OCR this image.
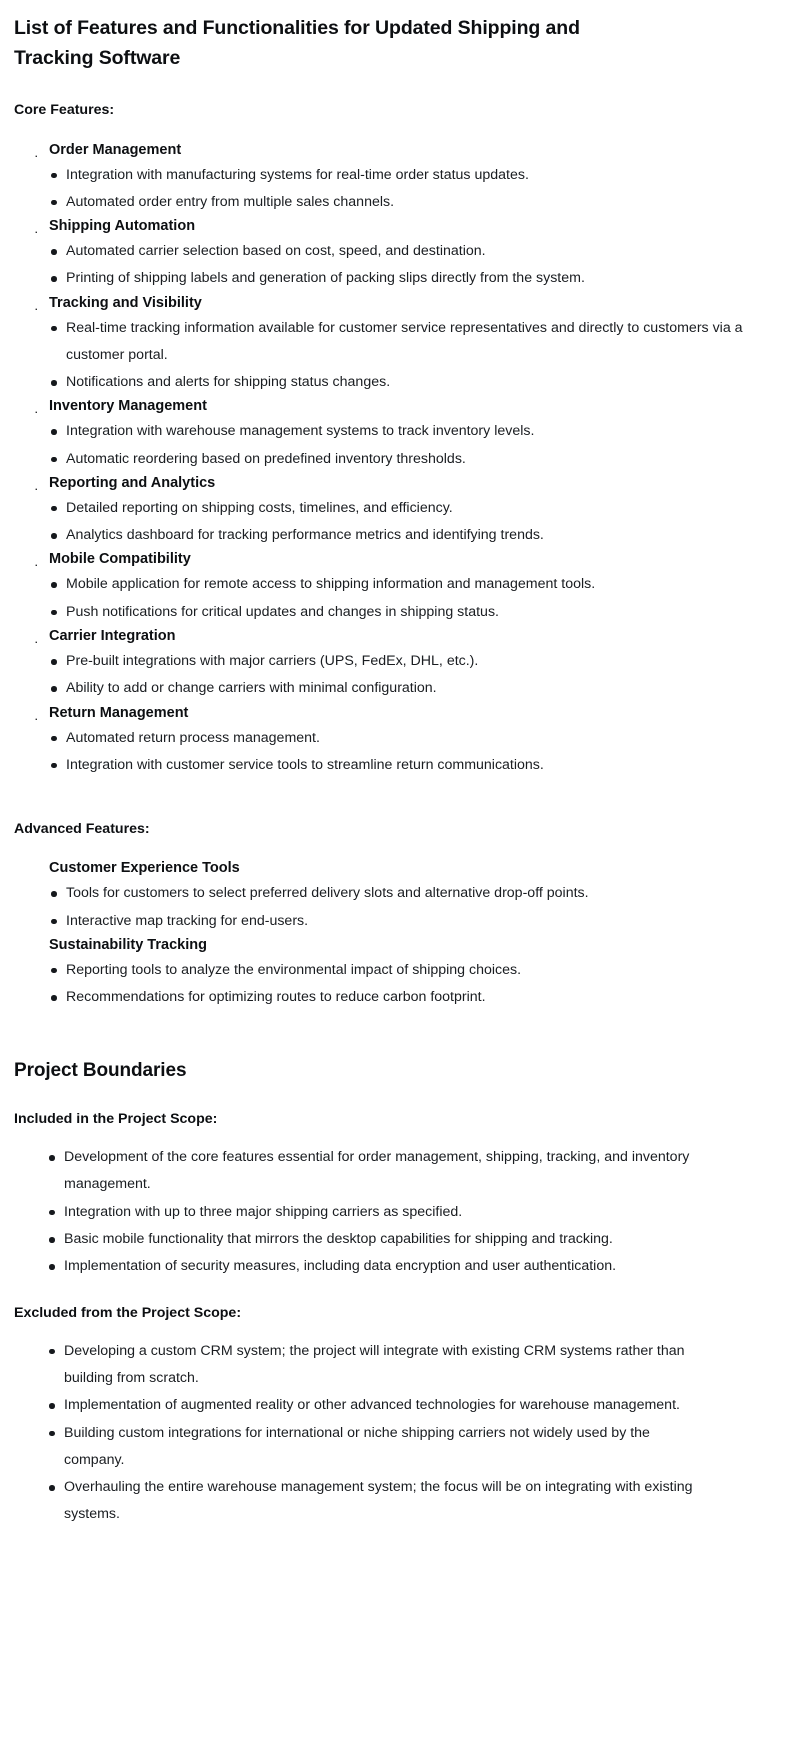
List of Features and Functionalities for Updated Shipping and Tracking Software
Core Features:
. Order Management
Integration with manufacturing systems for real-time order status updates.
Automated order entry from multiple sales channels.
. Shipping Automation
Automated carrier selection based on cost, speed, and destination.
Printing of shipping labels and generation of packing slips directly from the system.
. Tracking and Visibility
Real-time tracking information available for customer service representatives and directly to customers via a customer portal.
Notifications and alerts for shipping status changes.
. Inventory Management
Integration with warehouse management systems to track inventory levels.
Automatic reordering based on predefined inventory thresholds.
. Reporting and Analytics
Detailed reporting on shipping costs, timelines, and efficiency.
Analytics dashboard for tracking performance metrics and identifying trends.
. Mobile Compatibility
Mobile application for remote access to shipping information and management tools.
Push notifications for critical updates and changes in shipping status.
. Carrier Integration
Pre-built integrations with major carriers (UPS, FedEx, DHL, etc.).
Ability to add or change carriers with minimal configuration.
. Return Management
Automated return process management.
Integration with customer service tools to streamline return communications.
Advanced Features:
Customer Experience Tools
Tools for customers to select preferred delivery slots and alternative drop-off points.
Interactive map tracking for end-users.
Sustainability Tracking
Reporting tools to analyze the environmental impact of shipping choices.
Recommendations for optimizing routes to reduce carbon footprint.
Project Boundaries
Included in the Project Scope:
Development of the core features essential for order management, shipping, tracking, and inventory management.
Integration with up to three major shipping carriers as specified.
Basic mobile functionality that mirrors the desktop capabilities for shipping and tracking.
Implementation of security measures, including data encryption and user authentication.
Excluded from the Project Scope:
Developing a custom CRM system; the project will integrate with existing CRM systems rather than building from scratch.
Implementation of augmented reality or other advanced technologies for warehouse management.
Building custom integrations for international or niche shipping carriers not widely used by the company.
Overhauling the entire warehouse management system; the focus will be on integrating with existing systems.
